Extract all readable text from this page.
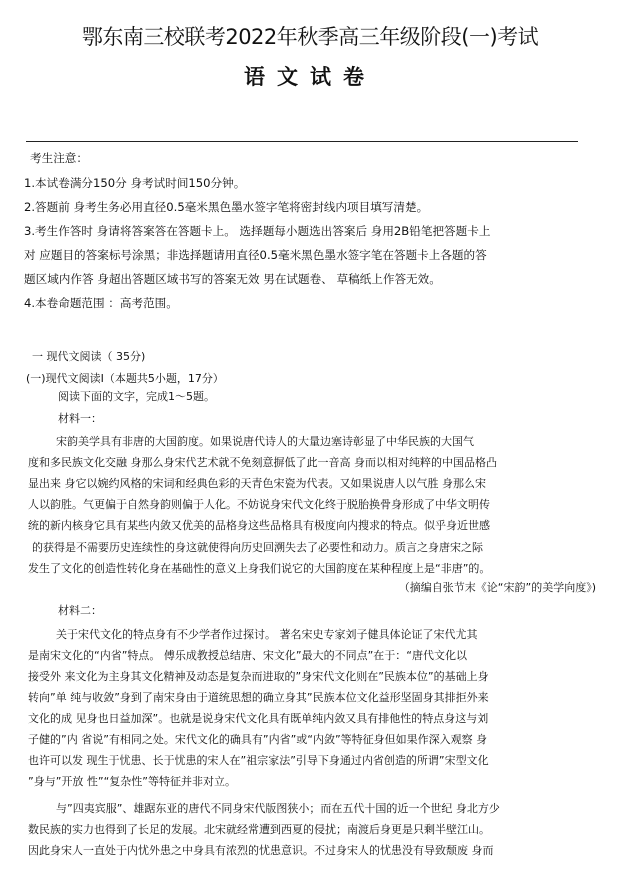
鄂东南三校联考2022年秋季高三年级阶段(一)考试
语文试卷
考生注意：
1.本试卷满分150分 身考试时间150分钟。
2.答题前 身考生务必用直径0.5毫米黑色墨水签字笔将密封线内项目填写清楚。
3.考生作答时 身请将答案答在答题卡上。 选择题每小题选出答案后 身用2B铅笔把答题卡上
对 应题目的答案标号涂黑；非选择题请用直径0.5毫米黑色墨水签字笔在答题卡上各题的答
题区域内作答 身超出答题区域书写的答案无效 男在试题卷、 草稿纸上作答无效。
4.本卷命题范围 ：高考范围。
一 现代文阅读（ 35分)
(一)现代文阅读I（本题共5小题，17分）
阅读下面的文字，完成1～5题。
材料一：
宋韵美学具有非唐的大国韵度。如果说唐代诗人的大量边塞诗彰显了中华民族的大国气
度和多民族文化交融 身那么身宋代艺术就不免刻意摒低了此一音高 身而以相对纯粹的中国品格凸
显出来 身它以婉约风格的宋词和经典色彩的天青色宋瓷为代表。又如果说唐人以气胜 身那么宋
人以韵胜。气更偏于自然身韵则偏于人化。不妨说身宋代文化终于脱胎换骨身形成了中华文明传
统的新内核身它具有某些内敛又优美的品格身这些品格具有极度向内搜求的特点。似乎身近世感
的获得是不需要历史连续性的身这就使得向历史回溯失去了必要性和动力。质言之身唐宋之际
发生了文化的创造性转化身在基础性的意义上身我们说它的大国韵度在某种程度上是“非唐”的。
（摘编自张节末《论“宋韵”的美学向度》)
材料二：
关于宋代文化的特点身有不少学者作过探讨。 著名宋史专家刘子健具体论证了宋代尤其
是南宋文化的“内省”特点。 傅乐成教授总结唐、宋文化”最大的不同点”在于：“唐代文化以
接受外 来文化为主身其文化精神及动态是复杂而进取的”身宋代文化则在”民族本位”的基础上身
转向”单 纯与收敛”身到了南宋身由于道统思想的确立身其”民族本位文化益形坚固身其排拒外来
文化的成 见身也日益加深”。也就是说身宋代文化具有既单纯内敛又具有排他性的特点身这与刘
子健的”内 省说”有相同之处。宋代文化的确具有”内省”或“内敛”等特征身但如果作深入观察 身
也许可以发 现生于忧患、长于忧患的宋人在”祖宗家法”引导下身通过内省创造的所谓”宋型文化
”身与”开放 性”“复杂性”等特征并非对立。
与”四夷宾服”、雄踞东亚的唐代不同身宋代版图狭小；而在五代十国的近一个世纪 身北方少
数民族的实力也得到了长足的发展。北宋就经常遭到西夏的侵扰；南渡后身更是只剩半壁江山。
因此身宋人一直处于内忧外患之中身具有浓烈的忧患意识。不过身宋人的忧患没有导致颓废 身而
